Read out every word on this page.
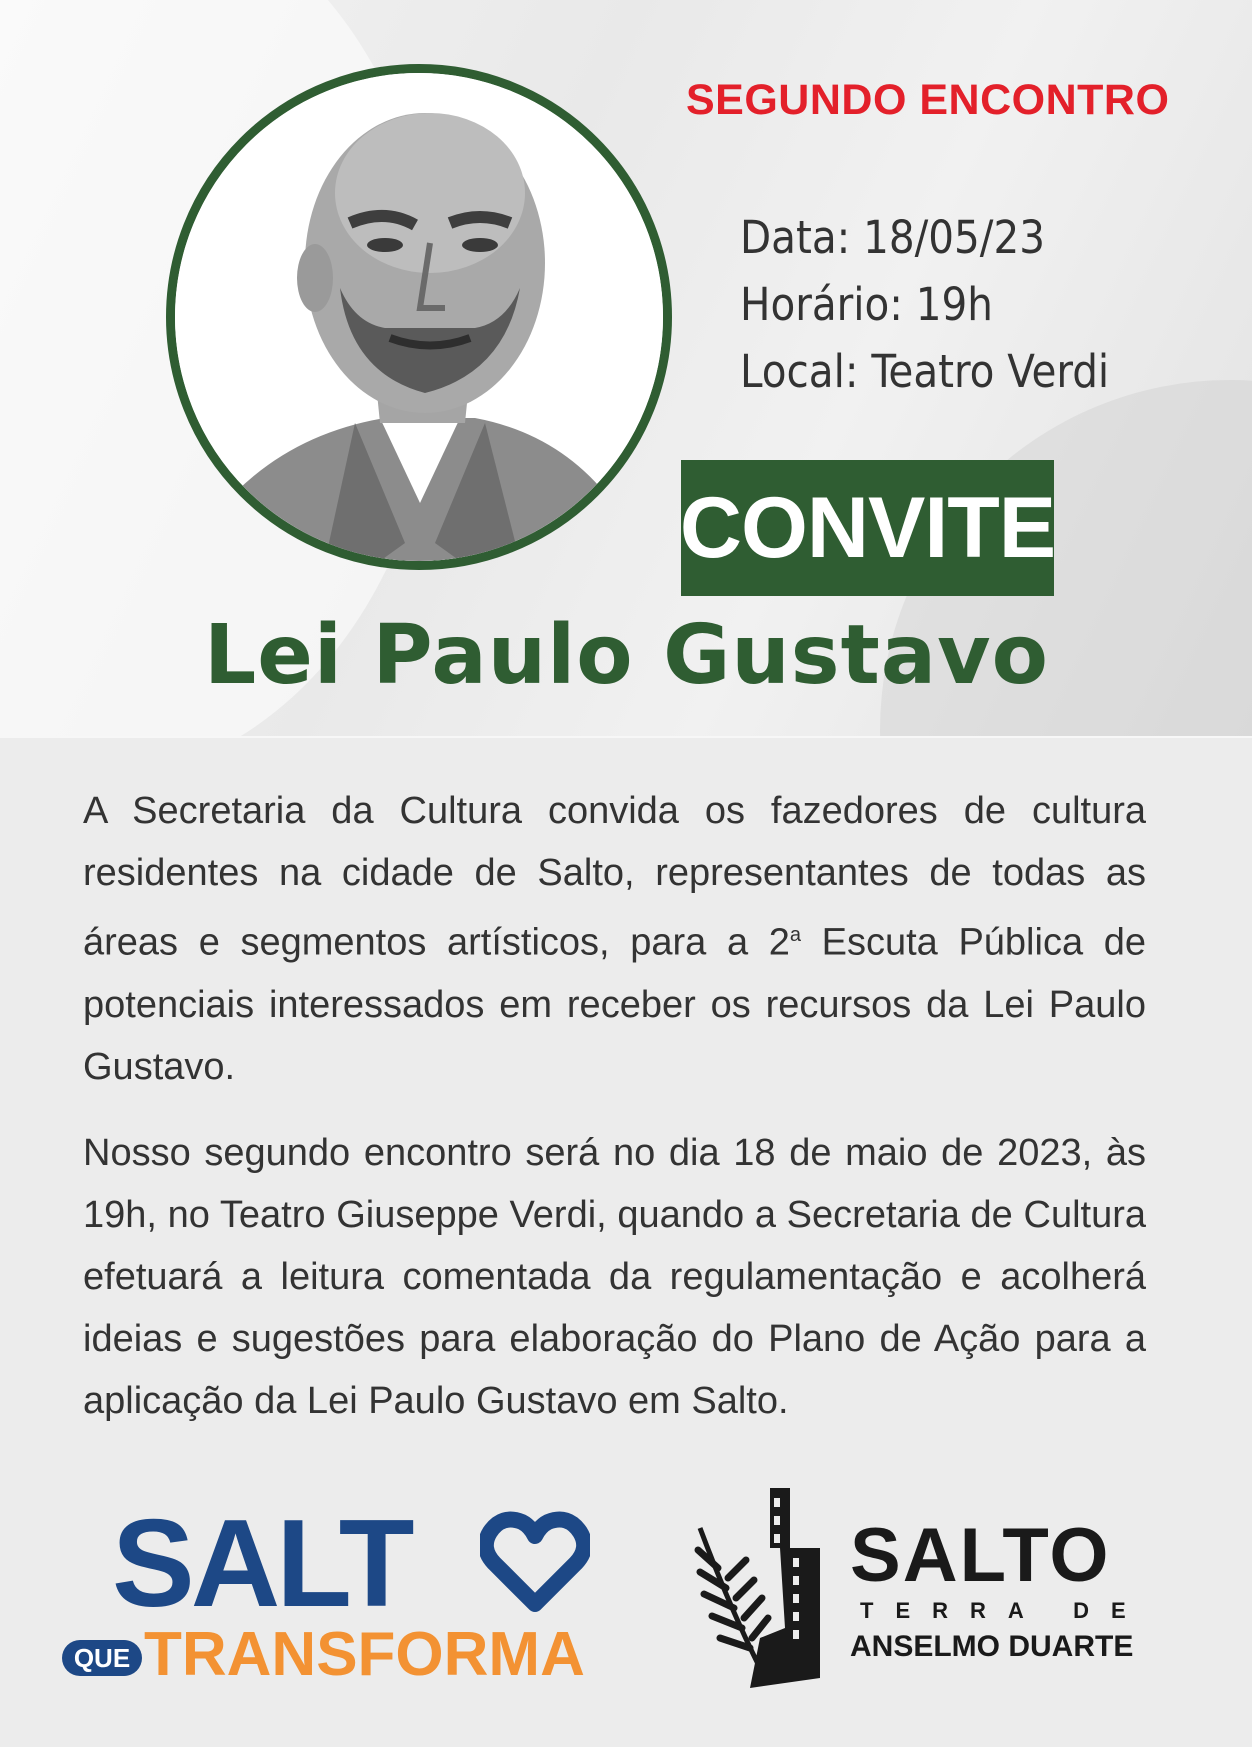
SEGUNDO ENCONTRO
Data: 18/05/23
Horário: 19h
Local: Teatro Verdi
CONVITE
Lei Paulo Gustavo

A Secretaria da Cultura convida os fazedores de cultura residentes na cidade de Salto, representantes de todas as áreas e segmentos artísticos, para a 2$^a$ Escuta Pública de potenciais interessados em receber os recursos da Lei Paulo Gustavo.

Nosso segundo encontro será no dia 18 de maio de 2023, às 19h, no Teatro Giuseppe Verdi, quando a Secretaria de Cultura efetuará a leitura comentada da regulamentação e acolherá ideias e sugestões para elaboração do Plano de Ação para a aplicação da Lei Paulo Gustavo em Salto.

SALT
QUE TRANSFORMA
SALTO
TERRA DE
ANSELMO DUARTE
